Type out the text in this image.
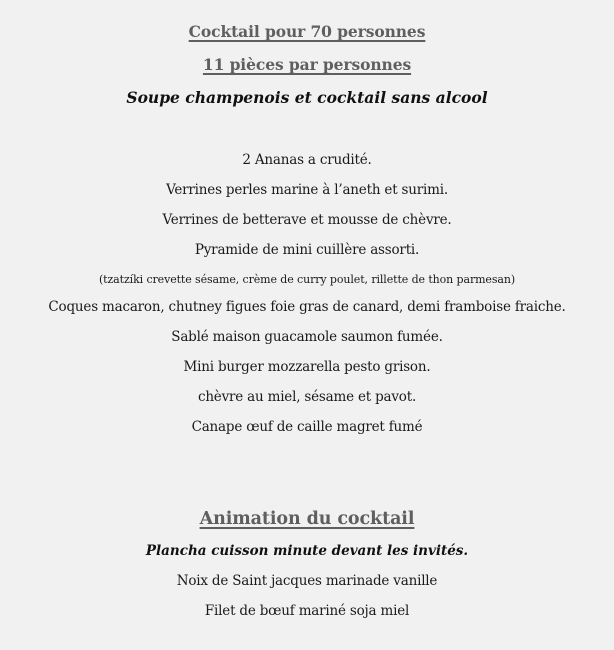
Cocktail pour 70 personnes
11 pièces par personnes
Soupe champenois et cocktail sans alcool
2 Ananas a crudité.
Verrines perles marine à l’aneth et surimi.
Verrines de betterave et mousse de chèvre.
Pyramide de mini cuillère assorti.
(tzatzíki crevette sésame, crème de curry poulet, rillette de thon parmesan)
Coques macaron, chutney figues foie gras de canard, demi framboise fraiche.
Sablé maison guacamole saumon fumée.
Mini burger mozzarella pesto grison.
chèvre au miel, sésame et pavot.
Canape œuf de caille magret fumé
Animation du cocktail
Plancha cuisson minute devant les invités.
Noix de Saint jacques marinade vanille
Filet de bœuf mariné soja miel
